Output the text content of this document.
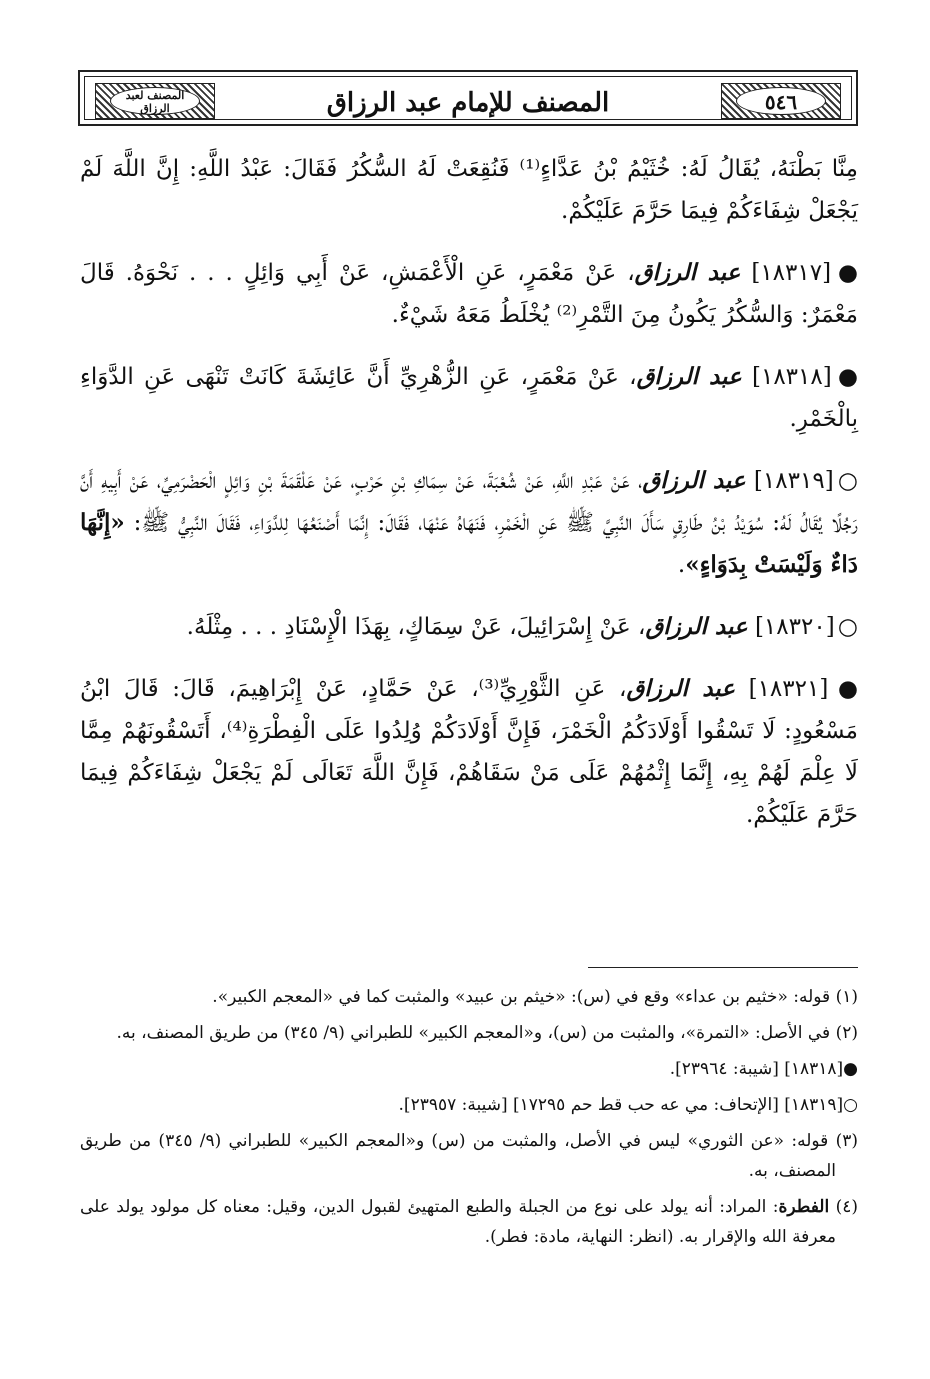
٥٤٦
المصنف للإمام عبد الرزاق
المصنف لعبد الرزاق

مِنَّا بَطْنَهُ، يُقَالُ لَهُ: خُثَيْمُ بْنُ عَدَّاءٍ⁽¹⁾ فَنُقِعَتْ لَهُ السُّكُرُ فَقَالَ: عَبْدُ اللَّهِ: إِنَّ اللَّهَ لَمْ يَجْعَلْ شِفَاءَكُمْ فِيمَا حَرَّمَ عَلَيْكُمْ.

● [١٨٣١٧] عبد الرزاق، عَنْ مَعْمَرٍ، عَنِ الْأَعْمَشِ، عَنْ أَبِي وَائِلٍ . . . نَحْوَهُ. قَالَ مَعْمَرٌ: وَالسُّكُرُ يَكُونُ مِنَ التَّمْرِ⁽²⁾ يُخْلَطُ مَعَهُ شَيْءٌ.

● [١٨٣١٨] عبد الرزاق، عَنْ مَعْمَرٍ، عَنِ الزُّهْرِيِّ أَنَّ عَائِشَةَ كَانَتْ تَنْهَى عَنِ الدَّوَاءِ بِالْخَمْرِ.

○ [١٨٣١٩] عبد الرزاق، عَنْ عَبْدِ اللَّهِ، عَنْ شُعْبَةَ، عَنْ سِمَاكِ بْنِ حَرْبٍ، عَنْ عَلْقَمَةَ بْنِ وَائِلٍ الْحَضْرَمِيِّ، عَنْ أَبِيهِ أَنَّ رَجُلًا يُقَالُ لَهُ: سُوَيْدُ بْنُ طَارِقٍ سَأَلَ النَّبِيَّ ﷺ عَنِ الْخَمْرِ، فَنَهَاهُ عَنْهَا، فَقَالَ: إِنَّمَا أَصْنَعُهَا لِلدَّوَاءِ، فَقَالَ النَّبِيُّ ﷺ: «إِنَّهَا دَاءٌ وَلَيْسَتْ بِدَوَاءٍ».

○ [١٨٣٢٠] عبد الرزاق، عَنْ إِسْرَائِيلَ، عَنْ سِمَاكٍ، بِهَذَا الْإِسْنَادِ . . . مِثْلَهُ.

● [١٨٣٢١] عبد الرزاق، عَنِ الثَّوْرِيِّ⁽³⁾، عَنْ حَمَّادٍ، عَنْ إِبْرَاهِيمَ، قَالَ: قَالَ ابْنُ مَسْعُودٍ: لَا تَسْقُوا أَوْلَادَكُمُ الْخَمْرَ، فَإِنَّ أَوْلَادَكُمْ وُلِدُوا عَلَى الْفِطْرَةِ⁽⁴⁾، أَتَسْقُونَهُمْ مِمَّا لَا عِلْمَ لَهُمْ بِهِ، إِنَّمَا إِثْمُهُمْ عَلَى مَنْ سَقَاهُمْ، فَإِنَّ اللَّهَ تَعَالَى لَمْ يَجْعَلْ شِفَاءَكُمْ فِيمَا حَرَّمَ عَلَيْكُمْ.

(١) قوله: «خثيم بن عداء» وقع في (س): «خيثم بن عبيد» والمثبت كما في «المعجم الكبير».

(٢) في الأصل: «التمرة»، والمثبت من (س)، و«المعجم الكبير» للطبراني (٩/ ٣٤٥) من طريق المصنف، به.

●[١٨٣١٨] [شيبة: ٢٣٩٦٤].

○[١٨٣١٩] [الإتحاف: مي عه حب قط حم ١٧٢٩٥] [شيبة: ٢٣٩٥٧].

(٣) قوله: «عن الثوري» ليس في الأصل، والمثبت من (س) و«المعجم الكبير» للطبراني (٩/ ٣٤٥) من طريق المصنف، به.

(٤) الفطرة: المراد: أنه يولد على نوع من الجبلة والطبع المتهيئ لقبول الدين، وقيل: معناه كل مولود يولد على معرفة الله والإقرار به. (انظر: النهاية، مادة: فطر).
